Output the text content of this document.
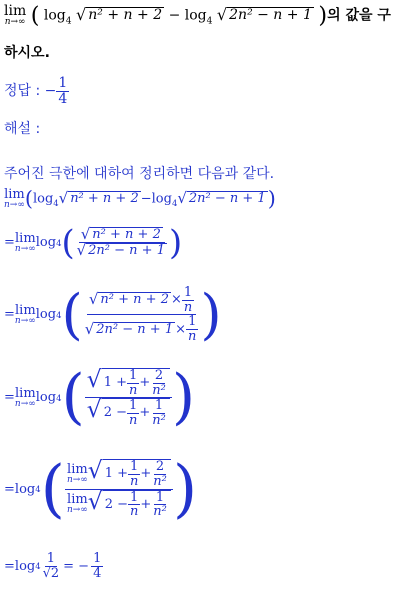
lim
n→∞ ( $\log_4$ √ $n^2 + n + 2 - \log_4$ √ 2n² − n + 1 )의 값을 구
하시오.
정답 : − $\frac{1}{4}$
해설 :
주어진 극한에 대하여 정리하면 다음과 같다.
lim
n→∞ ($\log_4$ √ $n^2 + n + 2 -\log_4$ √ 2n² − n + 1 )
= lim
n→∞ log 4 ( $\frac{\text{√ n² + n + 2}}{\text{√ 2n² − n + 1}}$ )
= lim
n→∞ log 4 ( $\frac{√ n^2 + n + 2 \times \frac{1}{n}}{√ 2n^2 - n + 1 \times \frac{1}{n}}$ )
= lim
n→∞ log 4 ( $\frac{√ 1 + \frac{1}{n} + \frac{2}{\text{n²}}}{√ 2 - \frac{1}{n} + \frac{1}{\text{n²}}}$ )
= log 4 ( lim
n→∞ √ $1 + \frac{1}{n} + \frac{2}{\text{n²}}$
lim
n→∞ √ $2 - \frac{1}{n} + \frac{1}{\text{n²}}$ )
= $\log 4 \frac{1}{√2}$ = − $\frac{1}{4}$
